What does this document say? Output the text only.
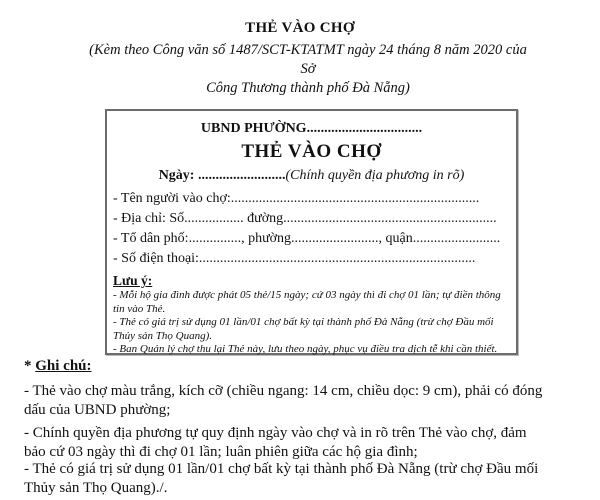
THẺ VÀO CHỢ
(Kèm theo Công văn số 1487/SCT-KTATMT ngày 24 tháng 8 năm 2020 của Sở
Công Thương thành phố Đà Nẵng)
UBND PHƯỜNG.................................
THẺ VÀO CHỢ
Ngày: .........................(Chính quyền địa phương in rõ)
- Tên người vào chợ:.......................................................................
- Địa chỉ: Số................. đường.............................................................
- Tổ dân phố:..............., phường........................., quận.........................
- Số điện thoại:...............................................................................
Lưu ý:
- Mỗi hộ gia đình được phát 05 thẻ/15 ngày; cứ 03 ngày thì đi chợ 01 lần; tự điền thông tin vào Thẻ.
- Thẻ có giá trị sử dụng 01 lần/01 chợ bất kỳ tại thành phố Đà Nẵng (trừ chợ Đầu mối Thủy sản Thọ Quang).
- Ban Quản lý chợ thu lại Thẻ này, lưu theo ngày, phục vụ điều tra dịch tễ khi cần thiết.
* Ghi chú:
- Thẻ vào chợ màu trắng, kích cỡ (chiều ngang: 14 cm, chiều dọc: 9 cm), phải có đóng dấu của UBND phường;
- Chính quyền địa phương tự quy định ngày vào chợ và in rõ trên Thẻ vào chợ, đảm bảo cứ 03 ngày thì đi chợ 01 lần; luân phiên giữa các hộ gia đình;
- Thẻ có giá trị sử dụng 01 lần/01 chợ bất kỳ tại thành phố Đà Nẵng (trừ chợ Đầu mối Thủy sản Thọ Quang)./.
